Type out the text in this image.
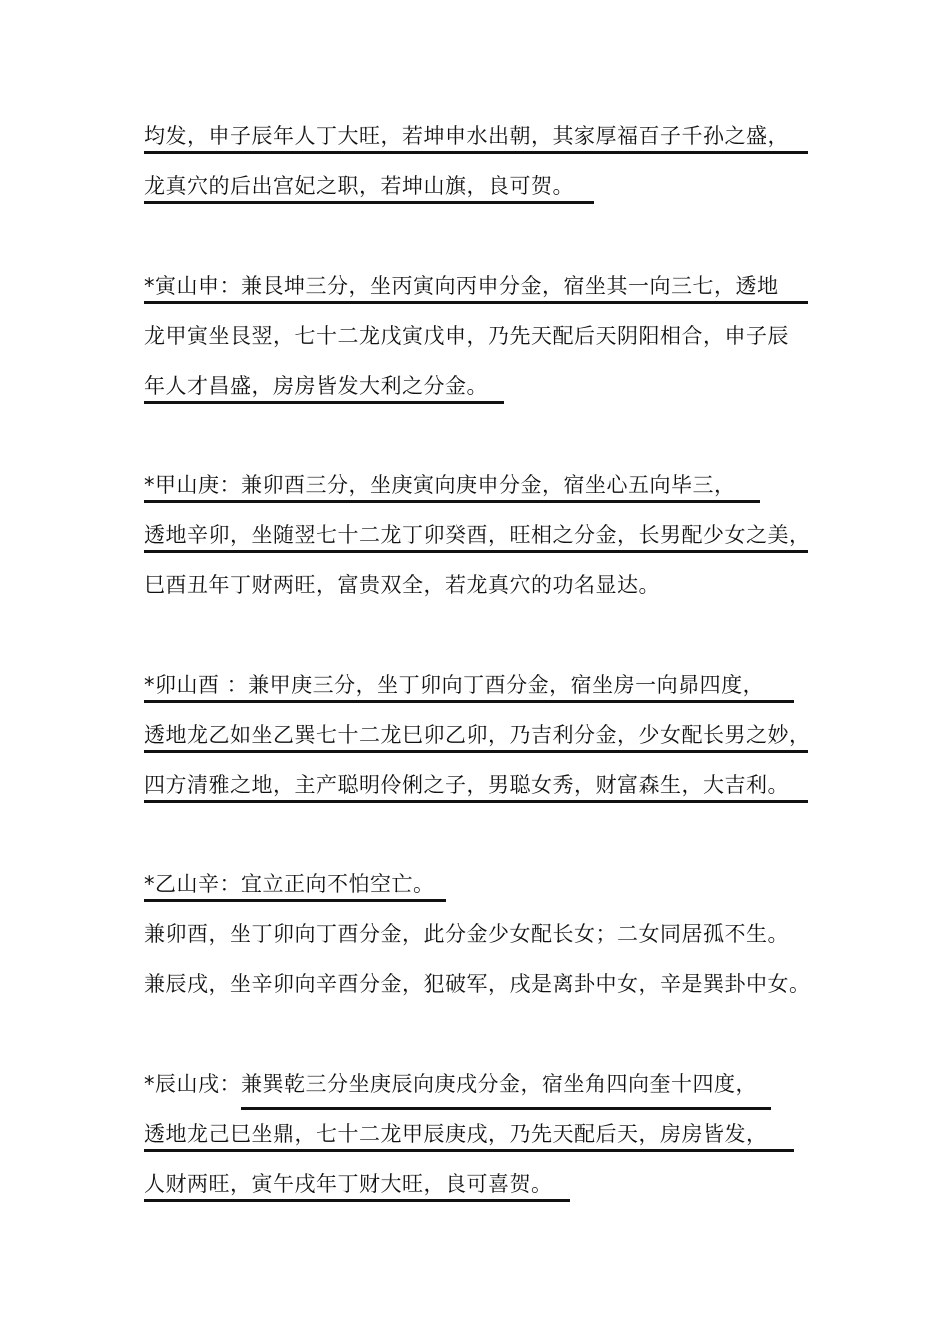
均发，申子辰年人丁大旺，若坤申水出朝，其家厚福百子千孙之盛，
龙真穴的后出宫妃之职，若坤山旗，良可贺。
*寅山申：兼艮坤三分，坐丙寅向丙申分金，宿坐其一向三七，透地
龙甲寅坐艮翌，七十二龙戊寅戊申，乃先天配后天阴阳相合，申子辰
年人才昌盛，房房皆发大利之分金。
*甲山庚：兼卯酉三分，坐庚寅向庚申分金，宿坐心五向毕三，
透地辛卯，坐随翌七十二龙丁卯癸酉，旺相之分金，长男配少女之美，
巳酉丑年丁财两旺，富贵双全，若龙真穴的功名显达。
*卯山酉 ：兼甲庚三分，坐丁卯向丁酉分金，宿坐房一向昴四度，
透地龙乙如坐乙巽七十二龙巳卯乙卯，乃吉利分金，少女配长男之妙，
四方清雅之地，主产聪明伶俐之子，男聪女秀，财富森生，大吉利。
*乙山辛：宜立正向不怕空亡。
兼卯酉，坐丁卯向丁酉分金，此分金少女配长女；二女同居孤不生。
兼辰戌，坐辛卯向辛酉分金，犯破军，戌是离卦中女，辛是巽卦中女。
*辰山戌：兼巽乾三分坐庚辰向庚戌分金，宿坐角四向奎十四度，
透地龙己巳坐鼎，七十二龙甲辰庚戌，乃先天配后天，房房皆发，
人财两旺，寅午戌年丁财大旺，良可喜贺。
